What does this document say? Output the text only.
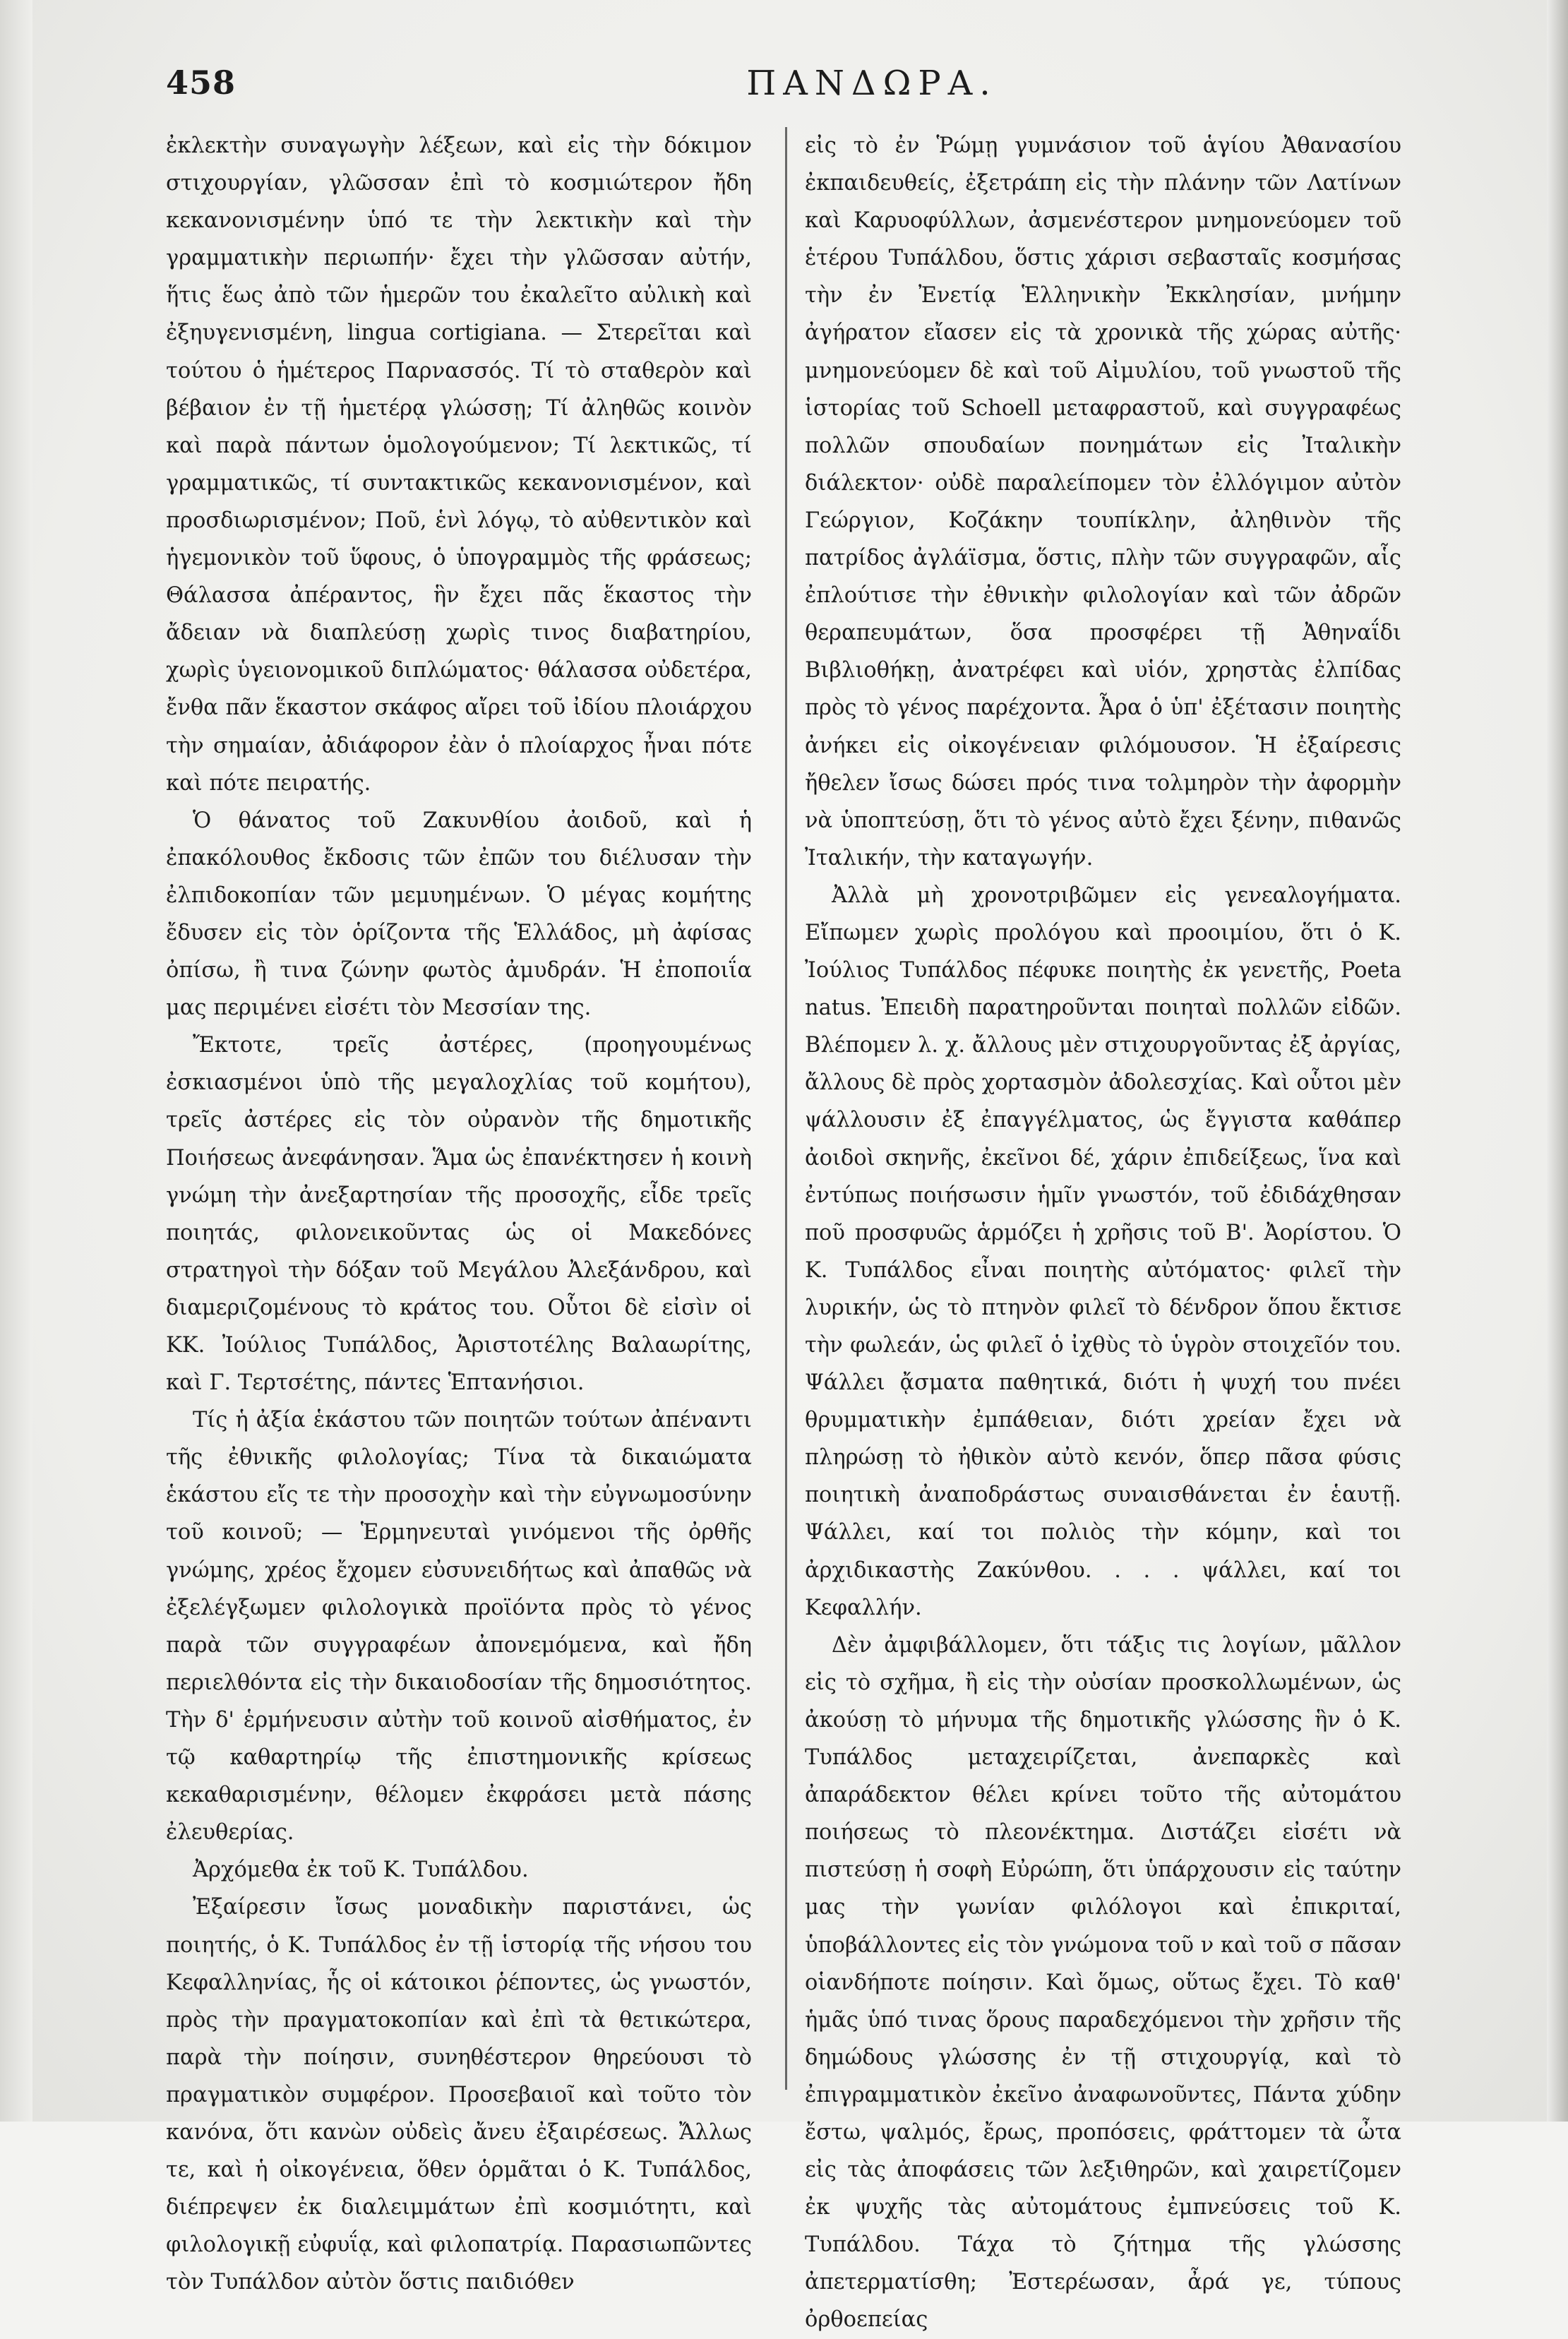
458	ΠΑΝΔΩΡΑ.

ἐκλεκτὴν συναγωγὴν λέξεων, καὶ εἰς τὴν δόκιμον στιχουργίαν, γλῶσσαν ἐπὶ τὸ κοσμιώτερον ἤδη κεκανονισμένην ὑπό τε τὴν λεκτικὴν καὶ τὴν γραμματικὴν περιωπήν· ἔχει τὴν γλῶσσαν αὐτήν, ἥτις ἕως ἀπὸ τῶν ἡμερῶν του ἐκαλεῖτο αὐλικὴ καὶ ἐξηυγενισμένη, lingua cortigiana. — Στερεῖται καὶ τούτου ὁ ἡμέτερος Παρνασσός. Τί τὸ σταθερὸν καὶ βέβαιον ἐν τῇ ἡμετέρᾳ γλώσσῃ; Τί ἀληθῶς κοινὸν καὶ παρὰ πάντων ὁμολογούμενον; Τί λεκτικῶς, τί γραμματικῶς, τί συντακτικῶς κεκανονισμένον, καὶ προσδιωρισμένον; Ποῦ, ἑνὶ λόγῳ, τὸ αὐθεντικὸν καὶ ἡγεμονικὸν τοῦ ὕφους, ὁ ὑπογραμμὸς τῆς φράσεως; Θάλασσα ἀπέραντος, ἣν ἔχει πᾶς ἕκαστος τὴν ἄδειαν νὰ διαπλεύσῃ χωρὶς τινος διαβατηρίου, χωρὶς ὑγειονομικοῦ διπλώματος· θάλασσα οὐδετέρα, ἔνθα πᾶν ἕκαστον σκάφος αἴρει τοῦ ἰδίου πλοιάρχου τὴν σημαίαν, ἀδιάφορον ἐὰν ὁ πλοίαρχος ἦναι πότε καὶ πότε πειρατής.

Ὁ θάνατος τοῦ Ζακυνθίου ἀοιδοῦ, καὶ ἡ ἐπακόλουθος ἔκδοσις τῶν ἐπῶν του διέλυσαν τὴν ἐλπιδοκοπίαν τῶν μεμυημένων. Ὁ μέγας κομήτης ἔδυσεν εἰς τὸν ὁρίζοντα τῆς Ἑλλάδος, μὴ ἀφίσας ὀπίσω, ἢ τινα ζώνην φωτὸς ἀμυδράν. Ἡ ἐποποιΐα μας περιμένει εἰσέτι τὸν Μεσσίαν της.

Ἔκτοτε, τρεῖς ἀστέρες, (προηγουμένως ἐσκιασμένοι ὑπὸ τῆς μεγαλοχλίας τοῦ κομήτου), τρεῖς ἀστέρες εἰς τὸν οὐρανὸν τῆς δημοτικῆς Ποιήσεως ἀνεφάνησαν. Ἅμα ὡς ἐπανέκτησεν ἡ κοινὴ γνώμη τὴν ἀνεξαρτησίαν τῆς προσοχῆς, εἶδε τρεῖς ποιητάς, φιλονεικοῦντας ὡς οἱ Μακεδόνες στρατηγοὶ τὴν δόξαν τοῦ Μεγάλου Ἀλεξάνδρου, καὶ διαμεριζομένους τὸ κράτος του. Οὗτοι δὲ εἰσὶν οἱ ΚΚ. Ἰούλιος Τυπάλδος, Ἀριστοτέλης Βαλαωρίτης, καὶ Γ. Τερτσέτης, πάντες Ἑπτανήσιοι.

Τίς ἡ ἀξία ἑκάστου τῶν ποιητῶν τούτων ἀπέναντι τῆς ἐθνικῆς φιλολογίας; Τίνα τὰ δικαιώματα ἑκάστου εἴς τε τὴν προσοχὴν καὶ τὴν εὐγνωμοσύνην τοῦ κοινοῦ; — Ἑρμηνευταὶ γινόμενοι τῆς ὀρθῆς γνώμης, χρέος ἔχομεν εὐσυνειδήτως καὶ ἀπαθῶς νὰ ἐξελέγξωμεν φιλολογικὰ προϊόντα πρὸς τὸ γένος παρὰ τῶν συγγραφέων ἀπονεμόμενα, καὶ ἤδη περιελθόντα εἰς τὴν δικαιοδοσίαν τῆς δημοσιότητος. Τὴν δ' ἑρμήνευσιν αὐτὴν τοῦ κοινοῦ αἰσθήματος, ἐν τῷ καθαρτηρίῳ τῆς ἐπιστημονικῆς κρίσεως κεκαθαρισμένην, θέλομεν ἐκφράσει μετὰ πάσης ἐλευθερίας.

Ἀρχόμεθα ἐκ τοῦ Κ. Τυπάλδου.

Ἐξαίρεσιν ἴσως μοναδικὴν παριστάνει, ὡς ποιητής, ὁ Κ. Τυπάλδος ἐν τῇ ἱστορίᾳ τῆς νήσου του Κεφαλληνίας, ἧς οἱ κάτοικοι ῥέποντες, ὡς γνωστόν, πρὸς τὴν πραγματοκοπίαν καὶ ἐπὶ τὰ θετικώτερα, παρὰ τὴν ποίησιν, συνηθέστερον θηρεύουσι τὸ πραγματικὸν συμφέρον. Προσεβαιοῖ καὶ τοῦτο τὸν κανόνα, ὅτι κανὼν οὐδεὶς ἄνευ ἐξαιρέσεως. Ἄλλως τε, καὶ ἡ οἰκογένεια, ὅθεν ὁρμᾶται ὁ Κ. Τυπάλδος, διέπρεψεν ἐκ διαλειμμάτων ἐπὶ κοσμιότητι, καὶ φιλολογικῇ εὐφυΐᾳ, καὶ φιλοπατρίᾳ. Παρασιωπῶντες τὸν Τυπάλδον αὐτὸν ὅστις παιδιόθεν

εἰς τὸ ἐν Ῥώμῃ γυμνάσιον τοῦ ἁγίου Ἀθανασίου ἐκπαιδευθείς, ἐξετράπη εἰς τὴν πλάνην τῶν Λατίνων καὶ Καρυοφύλλων, ἀσμενέστερον μνημονεύομεν τοῦ ἑτέρου Τυπάλδου, ὅστις χάρισι σεβασταῖς κοσμήσας τὴν ἐν Ἐνετίᾳ Ἑλληνικὴν Ἐκκλησίαν, μνήμην ἀγήρατον εἴασεν εἰς τὰ χρονικὰ τῆς χώρας αὐτῆς· μνημονεύομεν δὲ καὶ τοῦ Αἰμυλίου, τοῦ γνωστοῦ τῆς ἱστορίας τοῦ Schoell μεταφραστοῦ, καὶ συγγραφέως πολλῶν σπουδαίων πονημάτων εἰς Ἰταλικὴν διάλεκτον· οὐδὲ παραλείπομεν τὸν ἐλλόγιμον αὐτὸν Γεώργιον, Κοζάκην τουπίκλην, ἀληθινὸν τῆς πατρίδος ἀγλάϊσμα, ὅστις, πλὴν τῶν συγγραφῶν, αἷς ἐπλούτισε τὴν ἐθνικὴν φιλολογίαν καὶ τῶν ἀδρῶν θεραπευμάτων, ὅσα προσφέρει τῇ Ἀθηναΐδι Βιβλιοθήκῃ, ἀνατρέφει καὶ υἱόν, χρηστὰς ἐλπίδας πρὸς τὸ γένος παρέχοντα. Ἆρα ὁ ὑπ' ἐξέτασιν ποιητὴς ἀνήκει εἰς οἰκογένειαν φιλόμουσον. Ἡ ἐξαίρεσις ἤθελεν ἴσως δώσει πρός τινα τολμηρὸν τὴν ἀφορμὴν νὰ ὑποπτεύσῃ, ὅτι τὸ γένος αὐτὸ ἔχει ξένην, πιθανῶς Ἰταλικήν, τὴν καταγωγήν.

Ἀλλὰ μὴ χρονοτριβῶμεν εἰς γενεαλογήματα. Εἴπωμεν χωρὶς προλόγου καὶ προοιμίου, ὅτι ὁ Κ. Ἰούλιος Τυπάλδος πέφυκε ποιητὴς ἐκ γενετῆς, Poeta natus. Ἐπειδὴ παρατηροῦνται ποιηταὶ πολλῶν εἰδῶν. Βλέπομεν λ. χ. ἄλλους μὲν στιχουργοῦντας ἐξ ἀργίας, ἄλλους δὲ πρὸς χορτασμὸν ἀδολεσχίας. Καὶ οὗτοι μὲν ψάλλουσιν ἐξ ἐπαγγέλματος, ὡς ἔγγιστα καθάπερ ἀοιδοὶ σκηνῆς, ἐκεῖνοι δέ, χάριν ἐπιδείξεως, ἵνα καὶ ἐντύπως ποιήσωσιν ἡμῖν γνωστόν, τοῦ ἐδιδάχθησαν ποῦ προσφυῶς ἁρμόζει ἡ χρῆσις τοῦ Β'. Ἀορίστου. Ὁ Κ. Τυπάλδος εἶναι ποιητὴς αὐτόματος· φιλεῖ τὴν λυρικήν, ὡς τὸ πτηνὸν φιλεῖ τὸ δένδρον ὅπου ἔκτισε τὴν φωλεάν, ὡς φιλεῖ ὁ ἰχθὺς τὸ ὑγρὸν στοιχεῖόν του. Ψάλλει ᾄσματα παθητικά, διότι ἡ ψυχή του πνέει θρυμματικὴν ἐμπάθειαν, διότι χρείαν ἔχει νὰ πληρώσῃ τὸ ἠθικὸν αὐτὸ κενόν, ὅπερ πᾶσα φύσις ποιητικὴ ἀναποδράστως συναισθάνεται ἐν ἑαυτῇ. Ψάλλει, καί τοι πολιὸς τὴν κόμην, καὶ τοι ἀρχιδικαστὴς Ζακύνθου. . . . ψάλλει, καί τοι Κεφαλλήν.

Δὲν ἀμφιβάλλομεν, ὅτι τάξις τις λογίων, μᾶλλον εἰς τὸ σχῆμα, ἢ εἰς τὴν οὐσίαν προσκολλωμένων, ὡς ἀκούσῃ τὸ μήνυμα τῆς δημοτικῆς γλώσσης ἣν ὁ Κ. Τυπάλδος μεταχειρίζεται, ἀνεπαρκὲς καὶ ἀπαράδεκτον θέλει κρίνει τοῦτο τῆς αὐτομάτου ποιήσεως τὸ πλεονέκτημα. Διστάζει εἰσέτι νὰ πιστεύσῃ ἡ σοφὴ Εὐρώπη, ὅτι ὑπάρχουσιν εἰς ταύτην μας τὴν γωνίαν φιλόλογοι καὶ ἐπικριταί, ὑποβάλλοντες εἰς τὸν γνώμονα τοῦ ν καὶ τοῦ σ πᾶσαν οἱανδήποτε ποίησιν. Καὶ ὅμως, οὕτως ἔχει. Τὸ καθ' ἡμᾶς ὑπό τινας ὅρους παραδεχόμενοι τὴν χρῆσιν τῆς δημώδους γλώσσης ἐν τῇ στιχουργίᾳ, καὶ τὸ ἐπιγραμματικὸν ἐκεῖνο ἀναφωνοῦντες, Πάντα χύδην ἔστω, ψαλμός, ἔρως, προπόσεις, φράττομεν τὰ ὦτα εἰς τὰς ἀποφάσεις τῶν λεξιθηρῶν, καὶ χαιρετίζομεν ἐκ ψυχῆς τὰς αὐτομάτους ἐμπνεύσεις τοῦ Κ. Τυπάλδου. Τάχα τὸ ζήτημα τῆς γλώσσης ἀπετερματίσθη; Ἐστερέωσαν, ἆρά γε, τύπους ὀρθοεπείας
